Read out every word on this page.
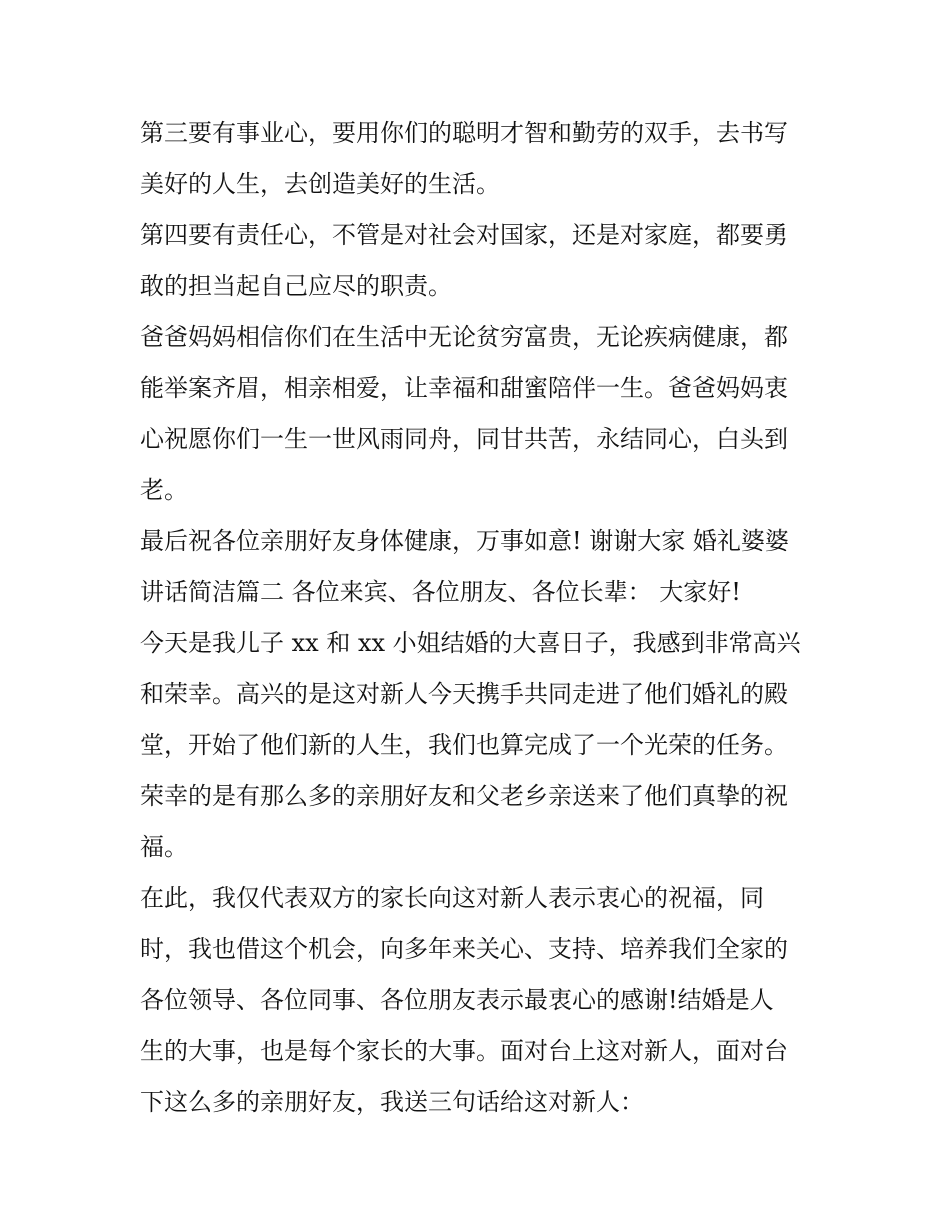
第三要有事业心，要用你们的聪明才智和勤劳的双手，去书写
美好的人生，去创造美好的生活。
第四要有责任心，不管是对社会对国家，还是对家庭，都要勇
敢的担当起自己应尽的职责。
爸爸妈妈相信你们在生活中无论贫穷富贵，无论疾病健康，都
能举案齐眉，相亲相爱，让幸福和甜蜜陪伴一生。爸爸妈妈衷
心祝愿你们一生一世风雨同舟，同甘共苦，永结同心，白头到
老。
最后祝各位亲朋好友身体健康，万事如意! 谢谢大家 婚礼婆婆
讲话简洁篇二 各位来宾、各位朋友、各位长辈： 大家好!
今天是我儿子 xx 和 xx 小姐结婚的大喜日子，我感到非常高兴
和荣幸。高兴的是这对新人今天携手共同走进了他们婚礼的殿
堂，开始了他们新的人生，我们也算完成了一个光荣的任务。
荣幸的是有那么多的亲朋好友和父老乡亲送来了他们真挚的祝
福。
在此，我仅代表双方的家长向这对新人表示衷心的祝福，同
时，我也借这个机会，向多年来关心、支持、培养我们全家的
各位领导、各位同事、各位朋友表示最衷心的感谢!结婚是人
生的大事，也是每个家长的大事。面对台上这对新人，面对台
下这么多的亲朋好友，我送三句话给这对新人：
